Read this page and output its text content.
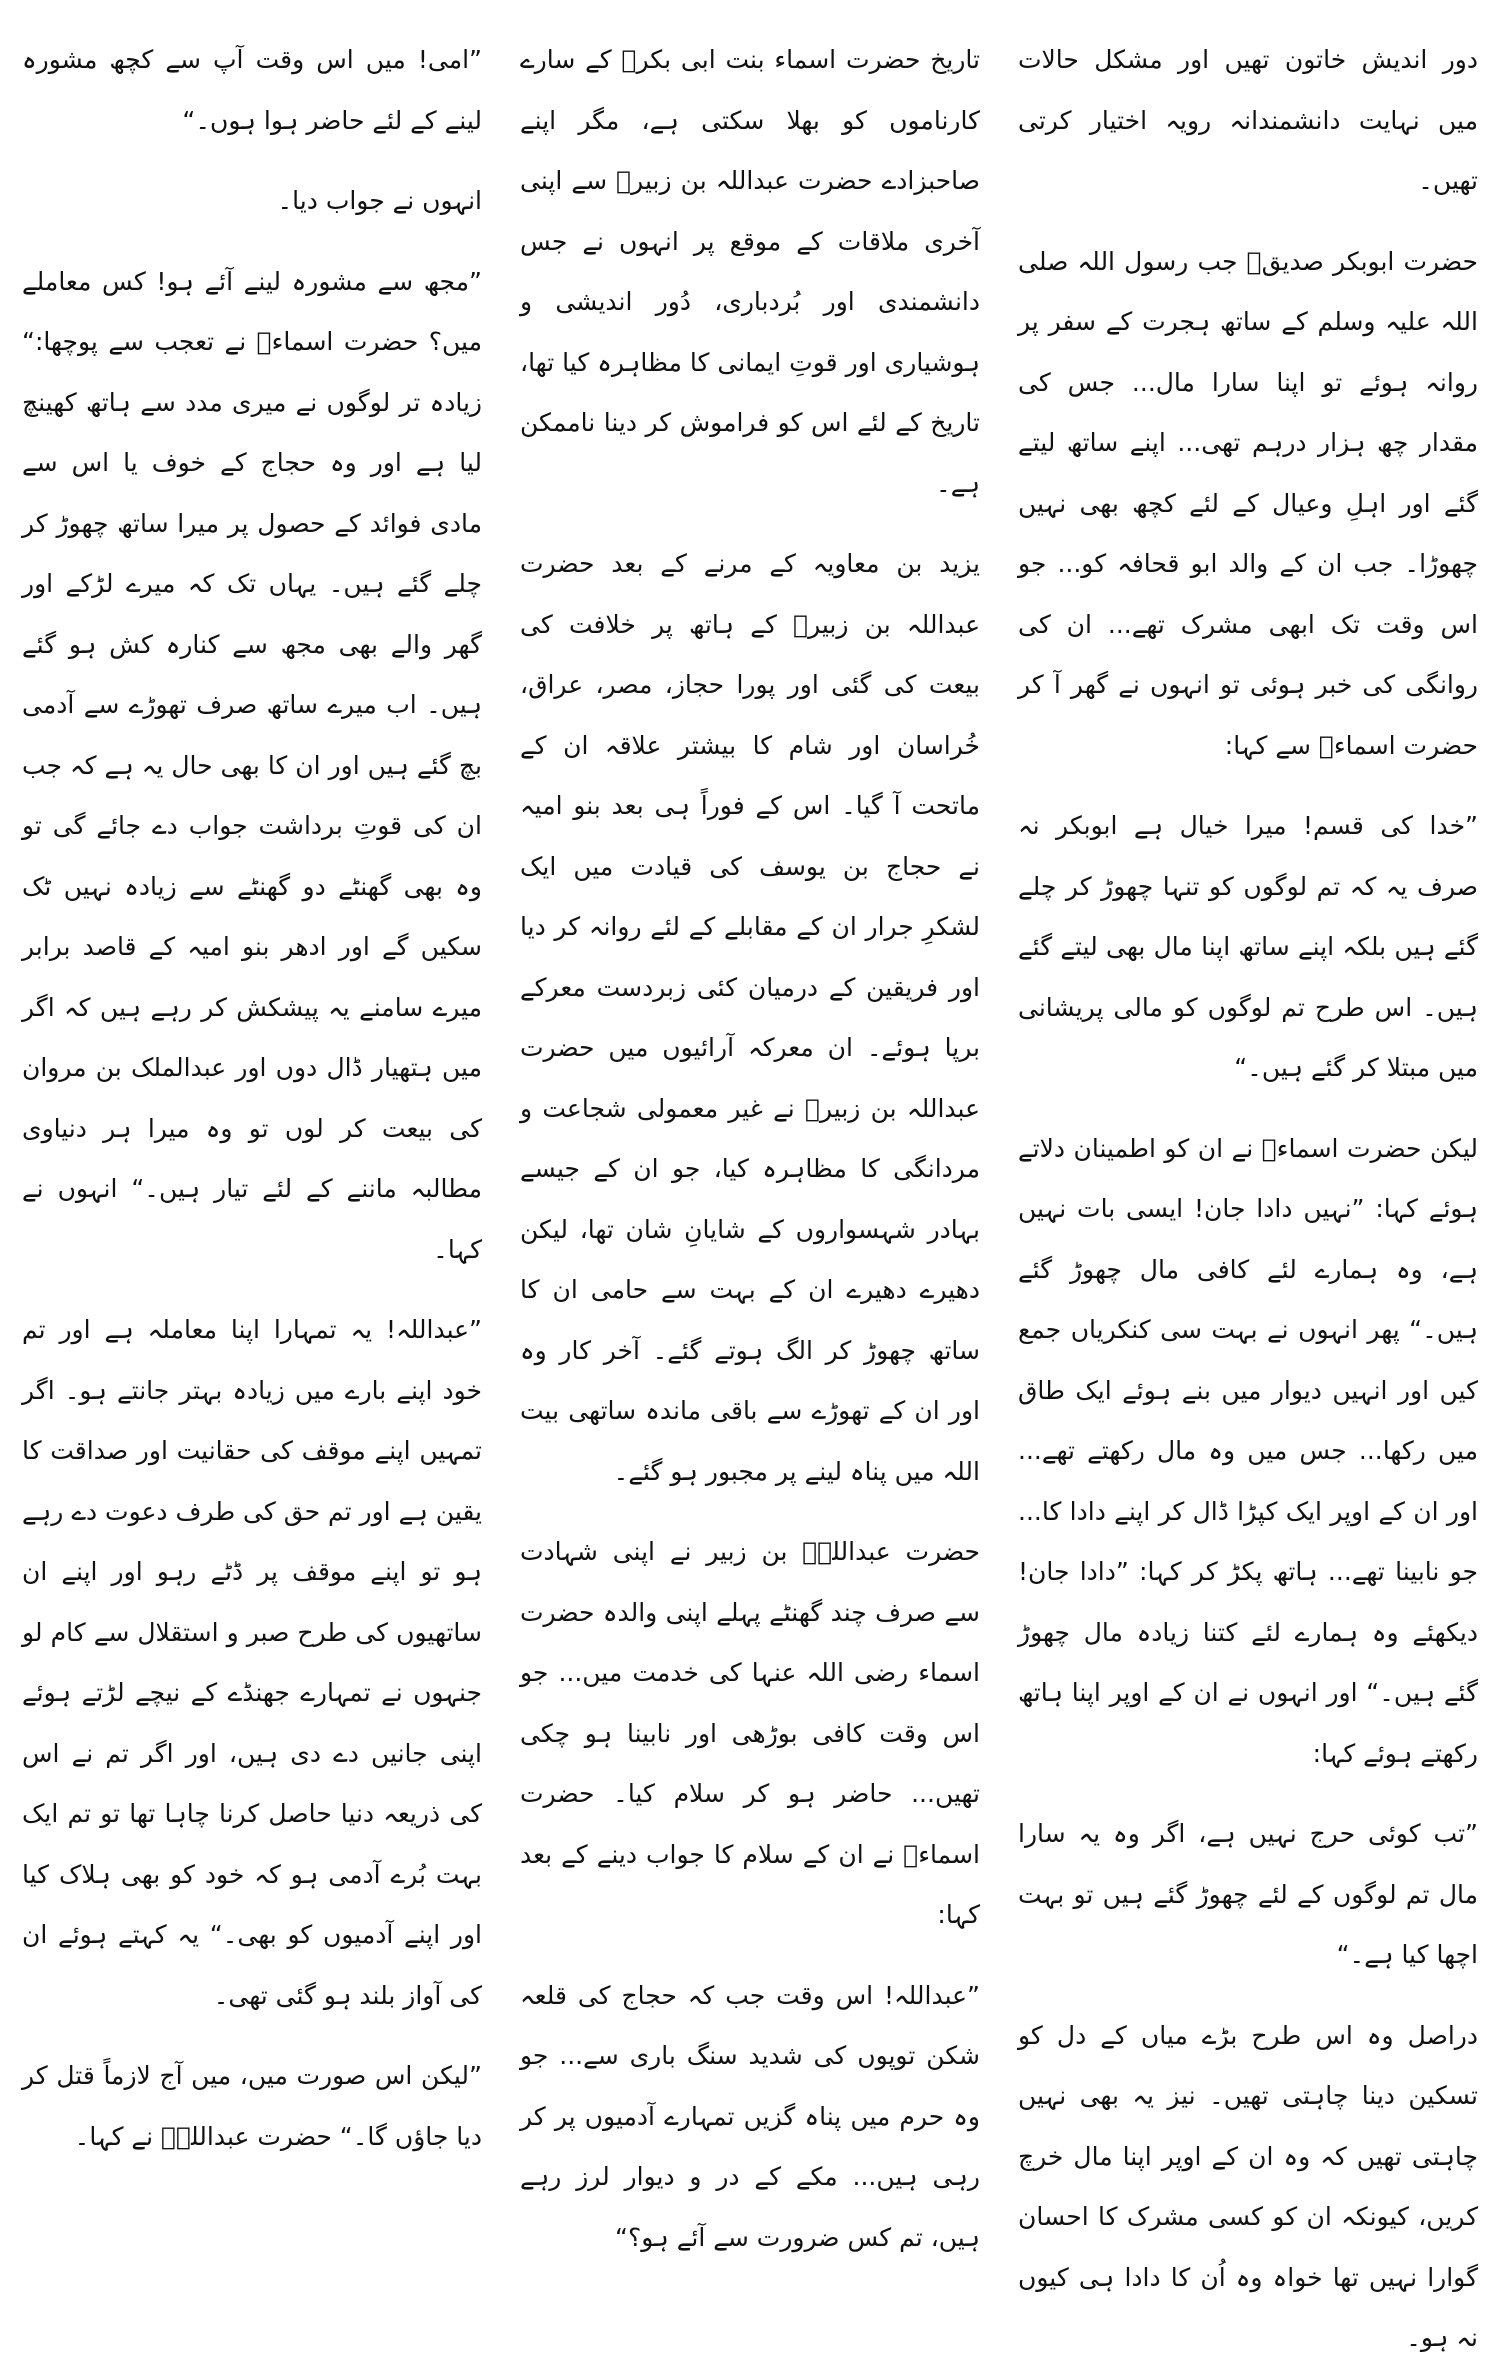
دور اندیش خاتون تھیں اور مشکل حالات میں نہایت دانشمندانہ رویہ اختیار کرتی تھیں۔

حضرت ابوبکر صدیقؓ جب رسول اللہ صلی اللہ علیہ وسلم کے ساتھ ہجرت کے سفر پر روانہ ہوئے تو اپنا سارا مال... جس کی مقدار چھ ہزار درہم تھی... اپنے ساتھ لیتے گئے اور اہلِ وعیال کے لئے کچھ بھی نہیں چھوڑا۔ جب ان کے والد ابو قحافہ کو... جو اس وقت تک ابھی مشرک تھے... ان کی روانگی کی خبر ہوئی تو انہوں نے گھر آ کر حضرت اسماءؓ سے کہا:

”خدا کی قسم! میرا خیال ہے ابوبکر نہ صرف یہ کہ تم لوگوں کو تنہا چھوڑ کر چلے گئے ہیں بلکہ اپنے ساتھ اپنا مال بھی لیتے گئے ہیں۔ اس طرح تم لوگوں کو مالی پریشانی میں مبتلا کر گئے ہیں۔“

لیکن حضرت اسماءؓ نے ان کو اطمینان دلاتے ہوئے کہا: ”نہیں دادا جان! ایسی بات نہیں ہے، وہ ہمارے لئے کافی مال چھوڑ گئے ہیں۔“ پھر انہوں نے بہت سی کنکریاں جمع کیں اور انہیں دیوار میں بنے ہوئے ایک طاق میں رکھا... جس میں وہ مال رکھتے تھے... اور ان کے اوپر ایک کپڑا ڈال کر اپنے دادا کا... جو نابینا تھے... ہاتھ پکڑ کر کہا: ”دادا جان! دیکھئے وہ ہمارے لئے کتنا زیادہ مال چھوڑ گئے ہیں۔“ اور انہوں نے ان کے اوپر اپنا ہاتھ رکھتے ہوئے کہا:

”تب کوئی حرج نہیں ہے، اگر وہ یہ سارا مال تم لوگوں کے لئے چھوڑ گئے ہیں تو بہت اچھا کیا ہے۔“

دراصل وہ اس طرح بڑے میاں کے دل کو تسکین دینا چاہتی تھیں۔ نیز یہ بھی نہیں چاہتی تھیں کہ وہ ان کے اوپر اپنا مال خرچ کریں، کیونکہ ان کو کسی مشرک کا احسان گوارا نہیں تھا خواہ وہ اُن کا دادا ہی کیوں نہ ہو۔

تاریخ حضرت اسماء بنت ابی بکرؓ کے سارے کارناموں کو بھلا سکتی ہے، مگر اپنے صاحبزادے حضرت عبداللہ بن زبیرؓ سے اپنی آخری ملاقات کے موقع پر انہوں نے جس دانشمندی اور بُردباری، دُور اندیشی و ہوشیاری اور قوتِ ایمانی کا مظاہرہ کیا تھا، تاریخ کے لئے اس کو فراموش کر دینا ناممکن ہے۔

یزید بن معاویہ کے مرنے کے بعد حضرت عبداللہ بن زبیرؓ کے ہاتھ پر خلافت کی بیعت کی گئی اور پورا حجاز، مصر، عراق، خُراسان اور شام کا بیشتر علاقہ ان کے ماتحت آ گیا۔ اس کے فوراً ہی بعد بنو امیہ نے حجاج بن یوسف کی قیادت میں ایک لشکرِ جرار ان کے مقابلے کے لئے روانہ کر دیا اور فریقین کے درمیان کئی زبردست معرکے برپا ہوئے۔ ان معرکہ آرائیوں میں حضرت عبداللہ بن زبیرؓ نے غیر معمولی شجاعت و مردانگی کا مظاہرہ کیا، جو ان کے جیسے بہادر شہسواروں کے شایانِ شان تھا، لیکن دھیرے دھیرے ان کے بہت سے حامی ان کا ساتھ چھوڑ کر الگ ہوتے گئے۔ آخر کار وہ اور ان کے تھوڑے سے باقی ماندہ ساتھی بیت اللہ میں پناہ لینے پر مجبور ہو گئے۔

حضرت عبداللہؓ بن زبیر نے اپنی شہادت سے صرف چند گھنٹے پہلے اپنی والدہ حضرت اسماء رضی اللہ عنہا کی خدمت میں... جو اس وقت کافی بوڑھی اور نابینا ہو چکی تھیں... حاضر ہو کر سلام کیا۔ حضرت اسماءؓ نے ان کے سلام کا جواب دینے کے بعد کہا:

”عبداللہ! اس وقت جب کہ حجاج کی قلعہ شکن توپوں کی شدید سنگ باری سے... جو وہ حرم میں پناہ گزیں تمہارے آدمیوں پر کر رہی ہیں... مکے کے در و دیوار لرز رہے ہیں، تم کس ضرورت سے آئے ہو؟“

”امی! میں اس وقت آپ سے کچھ مشورہ لینے کے لئے حاضر ہوا ہوں۔“

انہوں نے جواب دیا۔

”مجھ سے مشورہ لینے آئے ہو! کس معاملے میں؟ حضرت اسماءؓ نے تعجب سے پوچھا:“ زیادہ تر لوگوں نے میری مدد سے ہاتھ کھینچ لیا ہے اور وہ حجاج کے خوف یا اس سے مادی فوائد کے حصول پر میرا ساتھ چھوڑ کر چلے گئے ہیں۔ یہاں تک کہ میرے لڑکے اور گھر والے بھی مجھ سے کنارہ کش ہو گئے ہیں۔ اب میرے ساتھ صرف تھوڑے سے آدمی بچ گئے ہیں اور ان کا بھی حال یہ ہے کہ جب ان کی قوتِ برداشت جواب دے جائے گی تو وہ بھی گھنٹے دو گھنٹے سے زیادہ نہیں ٹک سکیں گے اور ادھر بنو امیہ کے قاصد برابر میرے سامنے یہ پیشکش کر رہے ہیں کہ اگر میں ہتھیار ڈال دوں اور عبدالملک بن مروان کی بیعت کر لوں تو وہ میرا ہر دنیاوی مطالبہ ماننے کے لئے تیار ہیں۔“ انہوں نے کہا۔

”عبداللہ! یہ تمہارا اپنا معاملہ ہے اور تم خود اپنے بارے میں زیادہ بہتر جانتے ہو۔ اگر تمہیں اپنے موقف کی حقانیت اور صداقت کا یقین ہے اور تم حق کی طرف دعوت دے رہے ہو تو اپنے موقف پر ڈٹے رہو اور اپنے ان ساتھیوں کی طرح صبر و استقلال سے کام لو جنہوں نے تمہارے جھنڈے کے نیچے لڑتے ہوئے اپنی جانیں دے دی ہیں، اور اگر تم نے اس کی ذریعہ دنیا حاصل کرنا چاہا تھا تو تم ایک بہت بُرے آدمی ہو کہ خود کو بھی ہلاک کیا اور اپنے آدمیوں کو بھی۔“ یہ کہتے ہوئے ان کی آواز بلند ہو گئی تھی۔

”لیکن اس صورت میں، میں آج لازماً قتل کر دیا جاؤں گا۔“ حضرت عبداللہؓ نے کہا۔
